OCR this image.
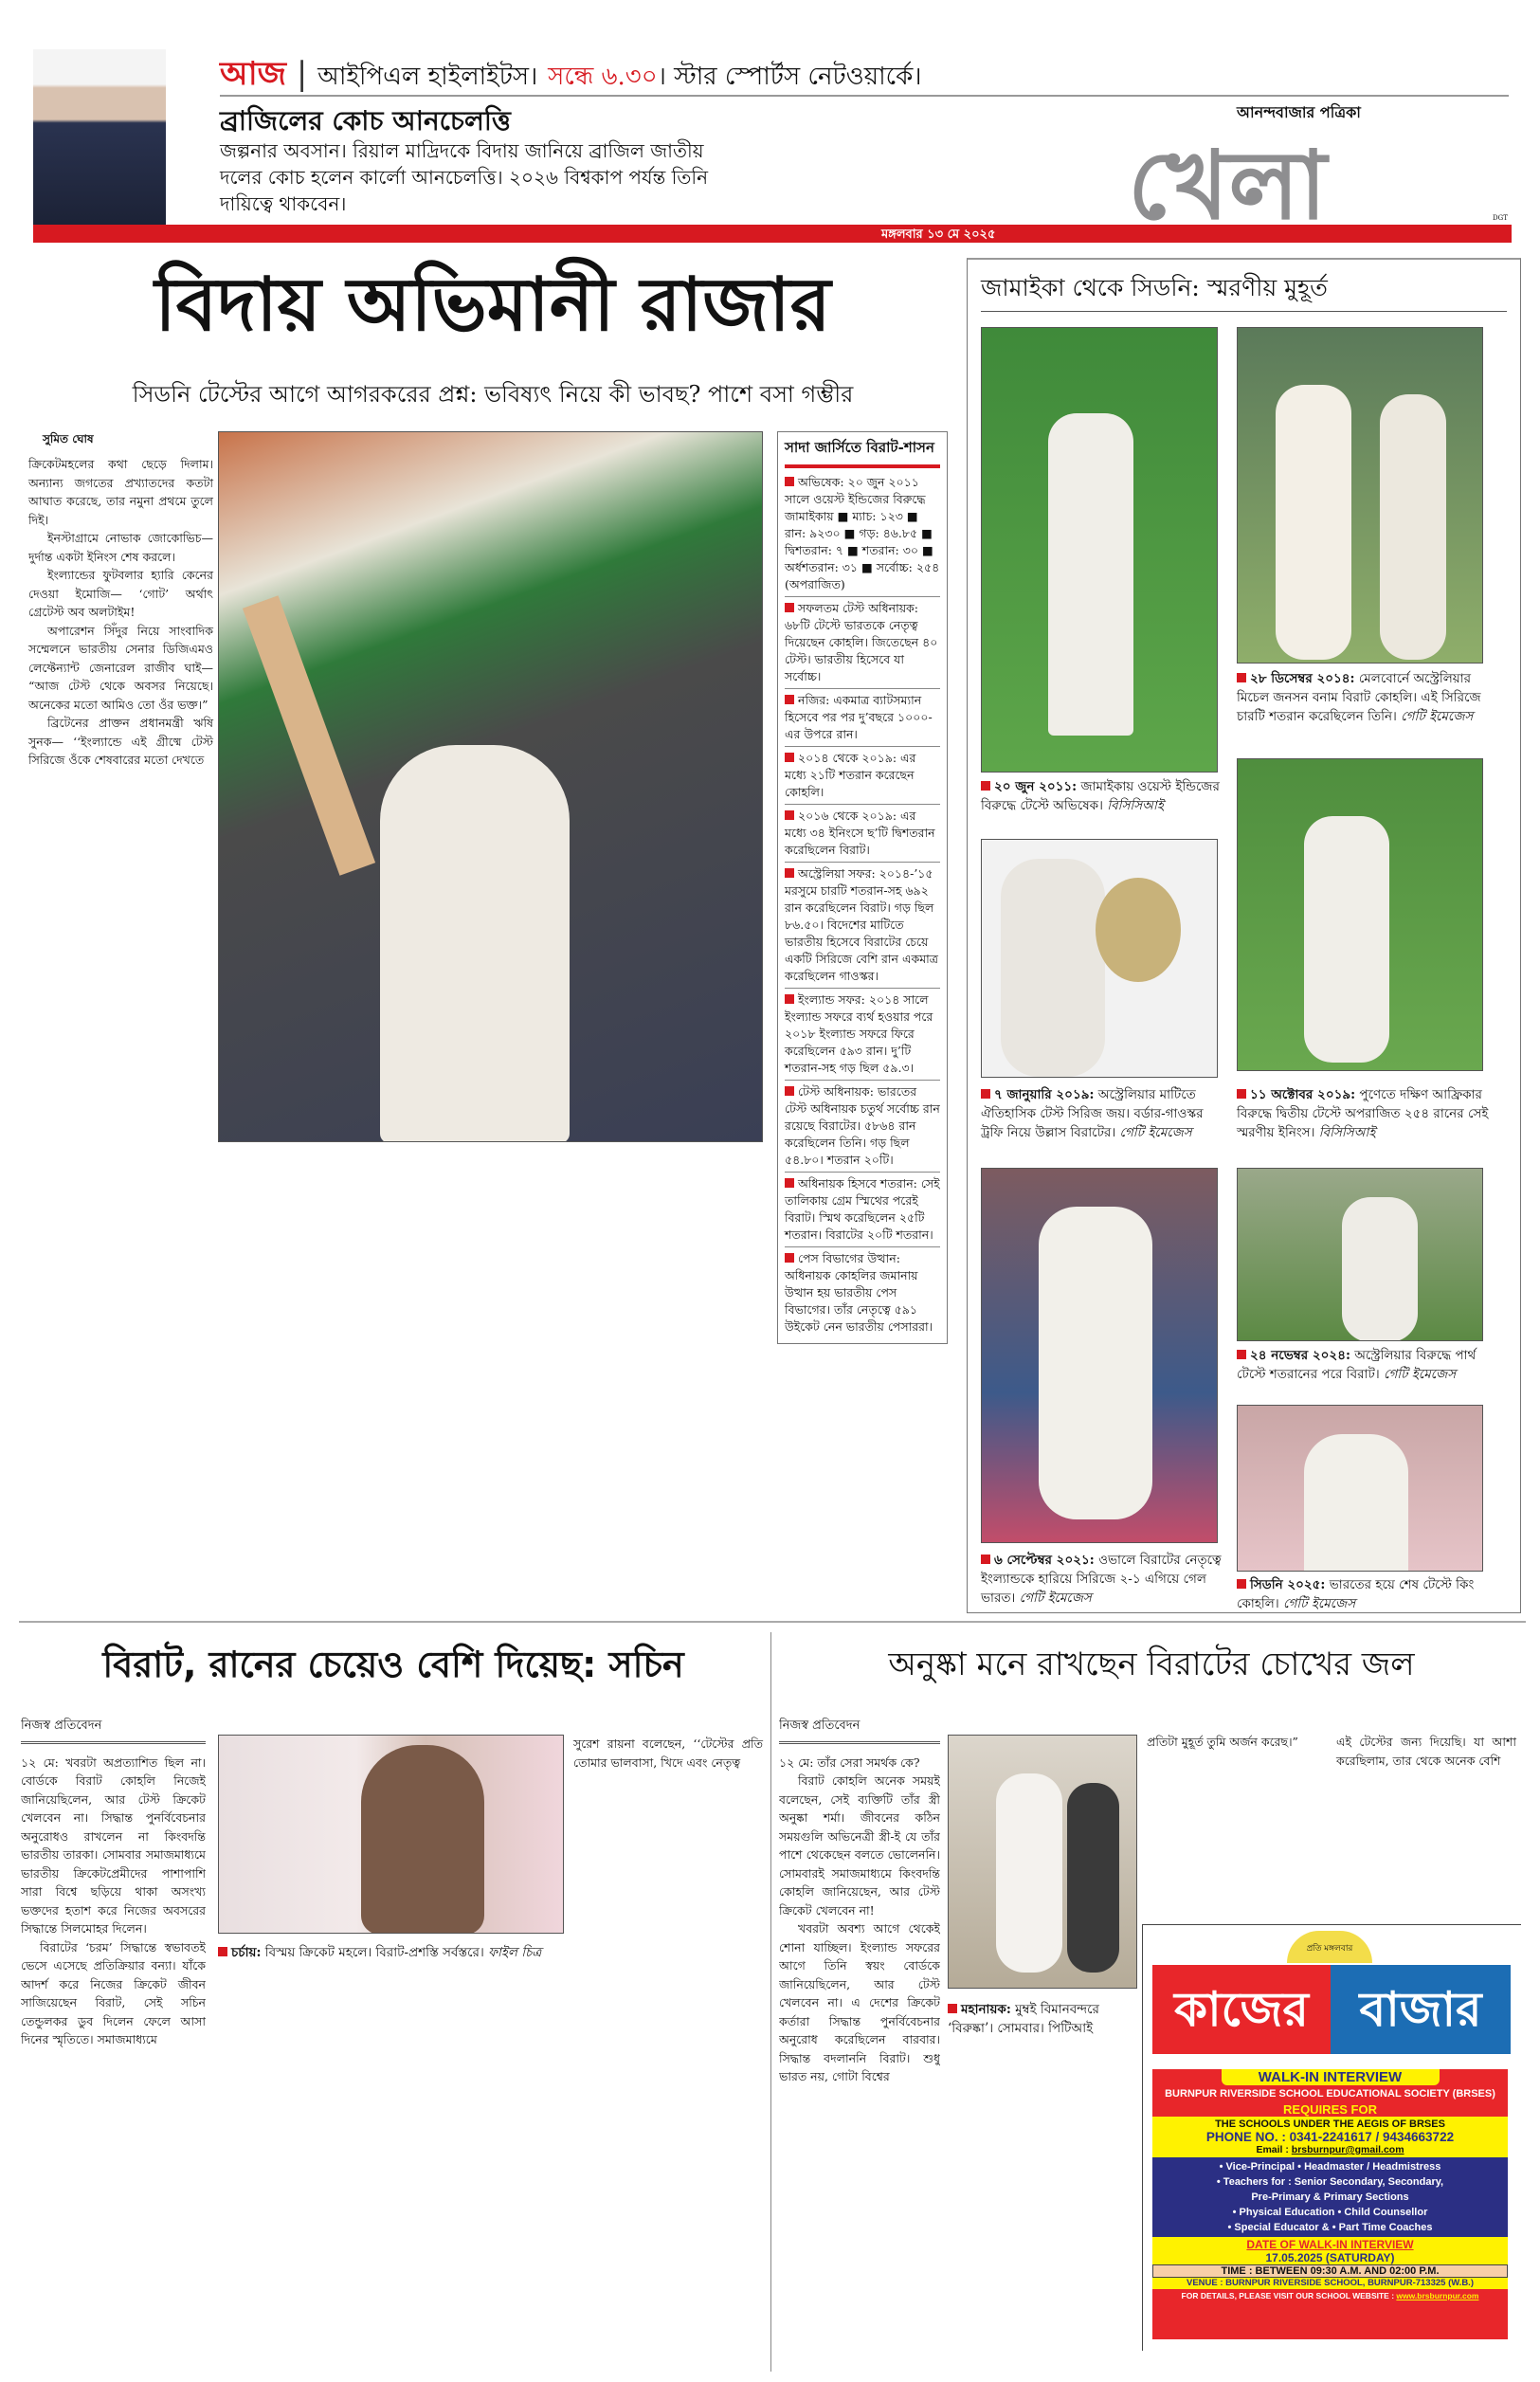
আজ | আইপিএল হাইলাইটস। সন্ধে ৬.৩০। স্টার স্পোর্টস নেটওয়ার্কে।
ব্রাজিলের কোচ আনচেলত্তি
জল্পনার অবসান। রিয়াল মাদ্রিদকে বিদায় জানিয়ে ব্রাজিল জাতীয় দলের কোচ হলেন কার্লো আনচেলত্তি। ২০২৬ বিশ্বকাপ পর্যন্ত তিনি দায়িত্বে থাকবেন।
মঙ্গলবার ১৩ মে ২০২৫	খেলা
আনন্দবাজার পত্রিকা
DGT
বিদায় অভিমানী রাজার
সিডনি টেস্টের আগে আগরকরের প্রশ্ন: ভবিষ্যৎ নিয়ে কী ভাবছ? পাশে বসা গম্ভীর
সুমিত ঘোষ

ক্রিকেটমহলের কথা ছেড়ে দিলাম। অন্যান্য জগতের প্রখ্যাতদের কতটা আঘাত করেছে, তার নমুনা প্রথমে তুলে দিই।

ইনস্টাগ্রামে নোভাক জোকোভিচ— দুর্দান্ত একটা ইনিংস শেষ করলে।

ইংল্যান্ডের ফুটবলার হ্যারি কেনের দেওয়া ইমোজি— ‘গোট’ অর্থাৎ গ্রেটেস্ট অব অলটাইম!

অপারেশন সিঁদুর নিয়ে সাংবাদিক সম্মেলনে ভারতীয় সেনার ডিজিএমও লেফ্টেন্যান্ট জেনারেল রাজীব ঘাই— “আজ টেস্ট থেকে অবসর নিয়েছে। অনেকের মতো আমিও তো ওঁর ভক্ত।”

ব্রিটেনের প্রাক্তন প্রধানমন্ত্রী ঋষি সুনক— ‘‘ইংল্যান্ডে এই গ্রীষ্মে টেস্ট সিরিজে ওঁকে শেষবারের মতো দেখতে

সাদা জার্সিতে বিরাট-শাসন
অভিষেক: ২০ জুন ২০১১ সালে ওয়েস্ট ইন্ডিজের বিরুদ্ধে জামাইকায় ■ ম্যাচ: ১২৩ ■ রান: ৯২৩০ ■ গড়: ৪৬.৮৫ ■ দ্বিশতরান: ৭ ■ শতরান: ৩০ ■ অর্ধশতরান: ৩১ ■ সর্বোচ্চ: ২৫৪ (অপরাজিত)
সফলতম টেস্ট অধিনায়ক: ৬৮টি টেস্টে ভারতকে নেতৃত্ব দিয়েছেন কোহলি। জিতেছেন ৪০ টেস্ট। ভারতীয় হিসেবে যা সর্বোচ্চ।
নজির: একমাত্র ব্যাটসম্যান হিসেবে পর পর দু’বছরে ১০০০-এর উপরে রান।
২০১৪ থেকে ২০১৯: এর মধ্যে ২১টি শতরান করেছেন কোহলি।
২০১৬ থেকে ২০১৯: এর মধ্যে ৩৪ ইনিংসে ছ’টি দ্বিশতরান করেছিলেন বিরাট।
অস্ট্রেলিয়া সফর: ২০১৪-’১৫ মরসুমে চারটি শতরান-সহ ৬৯২ রান করেছিলেন বিরাট। গড় ছিল ৮৬.৫০। বিদেশের মাটিতে ভারতীয় হিসেবে বিরাটের চেয়ে একটি সিরিজে বেশি রান একমাত্র করেছিলেন গাওস্কর।
ইংল্যান্ড সফর: ২০১৪ সালে ইংল্যান্ড সফরে ব্যর্থ হওয়ার পরে ২০১৮ ইংল্যান্ড সফরে ফিরে করেছিলেন ৫৯৩ রান। দু’টি শতরান-সহ গড় ছিল ৫৯.৩।
টেস্ট অধিনায়ক: ভারতের টেস্ট অধিনায়ক চতুর্থ সর্বোচ্চ রান রয়েছে বিরাটের। ৫৮৬৪ রান করেছিলেন তিনি। গড় ছিল ৫৪.৮০। শতরান ২০টি।
অধিনায়ক হিসবে শতরান: সেই তালিকায় গ্রেম স্মিথের পরেই বিরাট। স্মিথ করেছিলেন ২৫টি শতরান। বিরাটের ২০টি শতরান।
পেস বিভাগের উত্থান: অধিনায়ক কোহলির জমানায় উত্থান হয় ভারতীয় পেস বিভাগের। তাঁর নেতৃত্বে ৫৯১ উইকেট নেন ভারতীয় পেসাররা।
জামাইকা থেকে সিডনি: স্মরণীয় মুহূর্ত
২০ জুন ২০১১: জামাইকায় ওয়েস্ট ইন্ডিজের বিরুদ্ধে টেস্টে অভিষেক। বিসিসিআই
২৮ ডিসেম্বর ২০১৪: মেলবোর্নে অস্ট্রেলিয়ার মিচেল জনসন বনাম বিরাট কোহলি। এই সিরিজে চারটি শতরান করেছিলেন তিনি। গেটি ইমেজেস
৭ জানুয়ারি ২০১৯: অস্ট্রেলিয়ার মাটিতে ঐতিহাসিক টেস্ট সিরিজ জয়। বর্ডার-গাওস্কর ট্রফি নিয়ে উল্লাস বিরাটের। গেটি ইমেজেস
১১ অক্টোবর ২০১৯: পুণেতে দক্ষিণ আফ্রিকার বিরুদ্ধে দ্বিতীয় টেস্টে অপরাজিত ২৫৪ রানের সেই স্মরণীয় ইনিংস। বিসিসিআই
৬ সেপ্টেম্বর ২০২১: ওভালে বিরাটের নেতৃত্বে ইংল্যান্ডকে হারিয়ে সিরিজে ২-১ এগিয়ে গেল ভারত। গেটি ইমেজেস
২৪ নভেম্বর ২০২৪: অস্ট্রেলিয়ার বিরুদ্ধে পার্থ টেস্টে শতরানের পরে বিরাট। গেটি ইমেজেস
সিডনি ২০২৫: ভারতের হয়ে শেষ টেস্টে কিং কোহলি। গেটি ইমেজেস
বিরাট, রানের চেয়েও বেশি দিয়েছ: সচিন
নিজস্ব প্রতিবেদন

১২ মে: খবরটা অপ্রত্যাশিত ছিল না। বোর্ডকে বিরাট কোহলি নিজেই জানিয়েছিলেন, আর টেস্ট ক্রিকেট খেলবেন না। সিদ্ধান্ত পুনর্বিবেচনার অনুরোধও রাখলেন না কিংবদন্তি ভারতীয় তারকা। সোমবার সমাজমাধ্যমে ভারতীয় ক্রিকেটপ্রেমীদের পাশাপাশি সারা বিশ্বে ছড়িয়ে থাকা অসংখ্য ভক্তদের হতাশ করে নিজের অবসরের সিদ্ধান্তে সিলমোহর দিলেন।

বিরাটের ‘চরম’ সিদ্ধান্তে স্বভাবতই ভেসে এসেছে প্রতিক্রিয়ার বন্যা। যাঁকে আদর্শ করে নিজের ক্রিকেট জীবন সাজিয়েছেন বিরাট, সেই সচিন তেন্ডুলকর ডুব দিলেন ফেলে আসা দিনের স্মৃতিতে। সমাজমাধ্যমে

চর্চায়: বিস্ময় ক্রিকেট মহলে। বিরাট-প্রশস্তি সর্বস্তরে। ফাইল চিত্র
সুরেশ রায়না বলেছেন, ‘‘টেস্টের প্রতি তোমার ভালবাসা, খিদে এবং নেতৃত্ব
অনুষ্কা মনে রাখছেন বিরাটের চোখের জল
নিজস্ব প্রতিবেদন

১২ মে: তাঁর সেরা সমর্থক কে?

বিরাট কোহলি অনেক সময়ই বলেছেন, সেই ব্যক্তিটি তাঁর স্ত্রী অনুষ্কা শর্মা। জীবনের কঠিন সময়গুলি অভিনেত্রী স্ত্রী-ই যে তাঁর পাশে থেকেছেন বলতে ভোলেননি। সোমবারই সমাজমাধ্যমে কিংবদন্তি কোহলি জানিয়েছেন, আর টেস্ট ক্রিকেট খেলবেন না!

খবরটা অবশ্য আগে থেকেই শোনা যাচ্ছিল। ইংল্যান্ড সফরের আগে তিনি স্বয়ং বোর্ডকে জানিয়েছিলেন, আর টেস্ট খেলবেন না। এ দেশের ক্রিকেট কর্তারা সিদ্ধান্ত পুনর্বিবেচনার অনুরোধ করেছিলেন বারবার। সিদ্ধান্ত বদলাননি বিরাট। শুধু ভারত নয়, গোটা বিশ্বের

মহানায়ক: মুম্বই বিমানবন্দরে ‘বিরুষ্কা’। সোমবার। পিটিআই
প্রতিটা মুহূর্ত তুমি অর্জন করেছ।”	এই টেস্টের জন্য দিয়েছি। যা আশা করেছিলাম, তার থেকে অনেক বেশি
কাজের	বাজার
প্রতি মঙ্গলবার
WALK-IN INTERVIEW
BURNPUR RIVERSIDE SCHOOL EDUCATIONAL SOCIETY (BRSES)
REQUIRES FOR
THE SCHOOLS UNDER THE AEGIS OF BRSES
PHONE NO. : 0341-2241617 / 9434663722
Email : brsburnpur@gmail.com
• Vice-Principal • Headmaster / Headmistress
• Teachers for : Senior Secondary, Secondary,
Pre-Primary & Primary Sections
• Physical Education • Child Counsellor
• Special Educator & • Part Time Coaches
DATE OF WALK-IN INTERVIEW
17.05.2025 (SATURDAY)
TIME : BETWEEN 09:30 A.M. AND 02:00 P.M.
VENUE : BURNPUR RIVERSIDE SCHOOL, BURNPUR-713325 (W.B.)
FOR DETAILS, PLEASE VISIT OUR SCHOOL WEBSITE : www.brsburnpur.com
